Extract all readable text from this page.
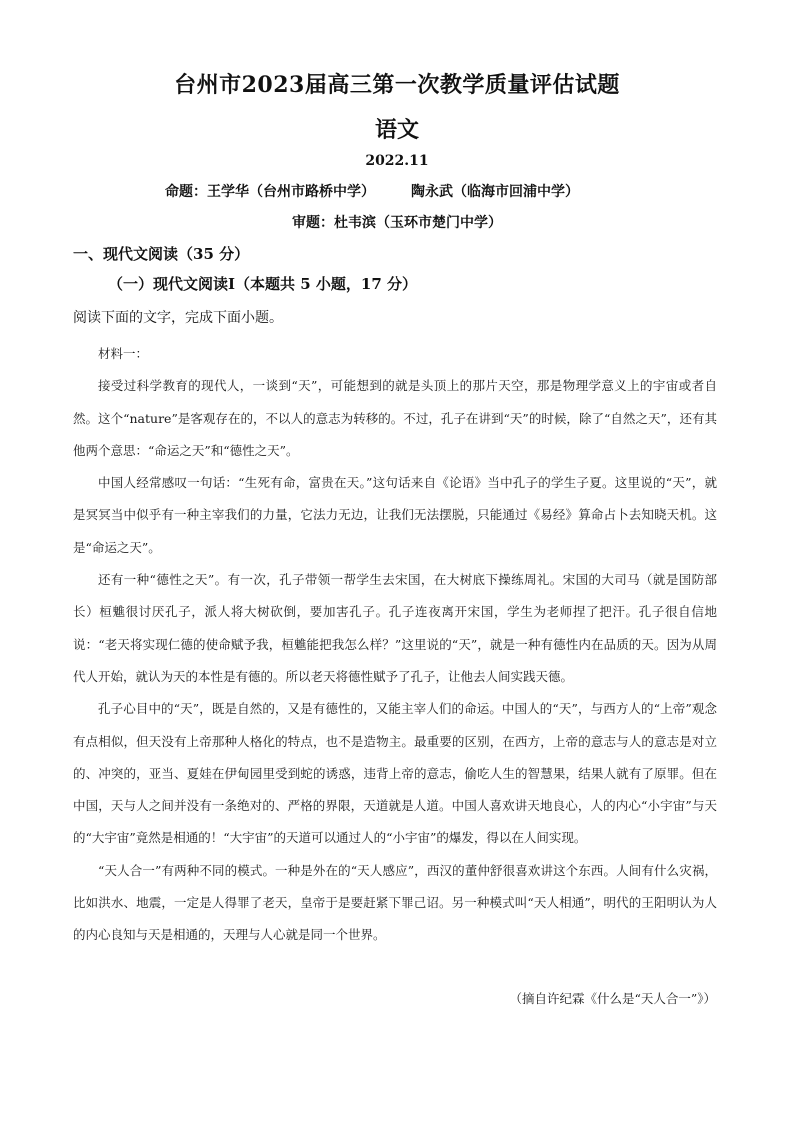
台州市2023届高三第一次教学质量评估试题
语文
2022.11
命题：王学华（台州市路桥中学）	陶永武（临海市回浦中学）
审题：杜韦滨（玉环市楚门中学）
一、现代文阅读（35 分）
（一）现代文阅读Ⅰ（本题共 5 小题，17 分）
阅读下面的文字，完成下面小题。

材料一：

接受过科学教育的现代人，一谈到“天”，可能想到的就是头顶上的那片天空，那是物理学意义上的宇宙或者自然。这个“nature”是客观存在的，不以人的意志为转移的。不过，孔子在讲到“天”的时候，除了“自然之天”，还有其他两个意思：“命运之天”和“德性之天”。

中国人经常感叹一句话：“生死有命，富贵在天。”这句话来自《论语》当中孔子的学生子夏。这里说的“天”，就是冥冥当中似乎有一种主宰我们的力量，它法力无边，让我们无法摆脱，只能通过《易经》算命占卜去知晓天机。这是“命运之天”。

还有一种“德性之天”。有一次，孔子带领一帮学生去宋国，在大树底下操练周礼。宋国的大司马（就是国防部长）桓魋很讨厌孔子，派人将大树砍倒，要加害孔子。孔子连夜离开宋国，学生为老师捏了把汗。孔子很自信地说：“老天将实现仁德的使命赋予我，桓魋能把我怎么样？”这里说的“天”，就是一种有德性内在品质的天。因为从周代人开始，就认为天的本性是有德的。所以老天将德性赋予了孔子，让他去人间实践天德。

孔子心目中的“天”，既是自然的，又是有德性的，又能主宰人们的命运。中国人的“天”，与西方人的“上帝”观念有点相似，但天没有上帝那种人格化的特点，也不是造物主。最重要的区别，在西方，上帝的意志与人的意志是对立的、冲突的，亚当、夏娃在伊甸园里受到蛇的诱惑，违背上帝的意志，偷吃人生的智慧果，结果人就有了原罪。但在中国，天与人之间并没有一条绝对的、严格的界限，天道就是人道。中国人喜欢讲天地良心，人的内心“小宇宙”与天的“大宇宙”竟然是相通的！“大宇宙”的天道可以通过人的“小宇宙”的爆发，得以在人间实现。

“天人合一”有两种不同的模式。一种是外在的“天人感应”，西汉的董仲舒很喜欢讲这个东西。人间有什么灾祸，比如洪水、地震，一定是人得罪了老天，皇帝于是要赶紧下罪己诏。另一种模式叫“天人相通”，明代的王阳明认为人的内心良知与天是相通的，天理与人心就是同一个世界。

（摘自许纪霖《什么是“天人合一”》）
